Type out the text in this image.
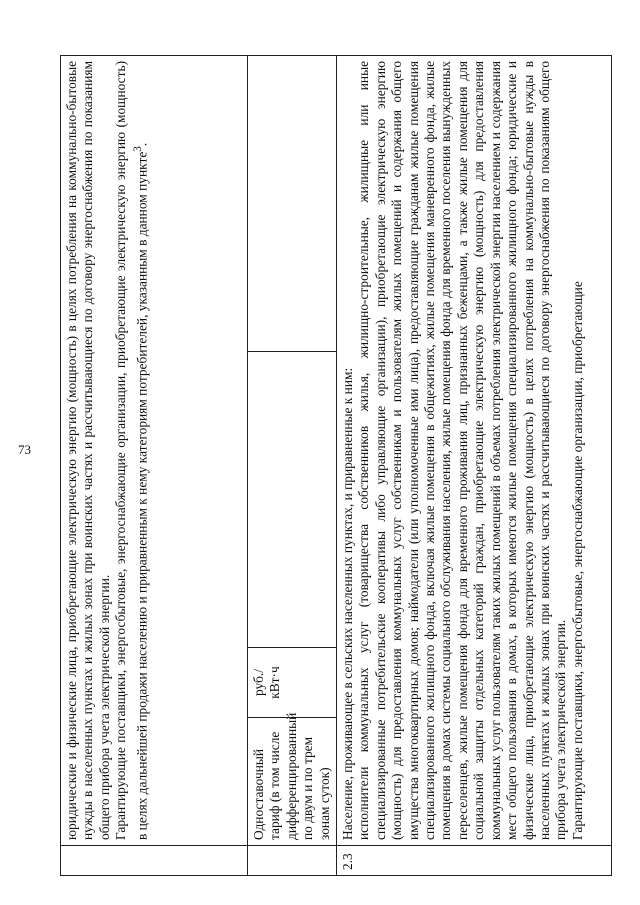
73

	юридические и физические лица, приобретающие электрическую энергию (мощность) в целях потребления на коммунально-бытовые нужды в населенных пунктах и жилых зонах при воинских частях и рассчитывающиеся по договору энергоснабжения по показаниям общего прибора учета электрической энергии. Гарантирующие поставщики, энергосбытовые, энергоснабжающие организации, приобретающие электрическую энергию (мощность) в целях дальнейшей продажи населению и приравненным к нему категориям потребителей, указанным в данном пункте$^3$.			

	Одноставочный тариф (в том числе дифференцированный по двум и по трем зонам суток)	руб./кВт·ч		
2.3	Население, проживающее в сельских населенных пунктах, и приравненные к ним: исполнители коммунальных услуг (товарищества собственников жилья, жилищно-строительные, жилищные или иные специализированные потребительские кооперативы либо управляющие организации), приобретающие электрическую энергию (мощность) для предоставления коммунальных услуг собственникам и пользователям жилых помещений и содержания общего имущества многоквартирных домов; наймодатели (или уполномоченные ими лица), предоставляющие гражданам жилые помещения специализированного жилищного фонда, включая жилые помещения в общежитиях, жилые помещения маневренного фонда, жилые помещения в домах системы социального обслуживания населения, жилые помещения фонда для временного поселения вынужденных переселенцев, жилые помещения фонда для временного проживания лиц, признанных беженцами, а также жилые помещения для социальной защиты отдельных категорий граждан, приобретающие электрическую энергию (мощность) для предоставления коммунальных услуг пользователям таких жилых помещений в объемах потребления электрической энергии населением и содержания мест общего пользования в домах, в которых имеются жилые помещения специализированного жилищного фонда; юридические и физические лица, приобретающие электрическую энергию (мощность) в целях потребления на коммунально-бытовые нужды в населенных пунктах и жилых зонах при воинских частях и рассчитывающиеся по договору энергоснабжения по показаниям общего прибора учета электрической энергии. Гарантирующие поставщики, энергосбытовые, энергоснабжающие организации, приобретающие			
